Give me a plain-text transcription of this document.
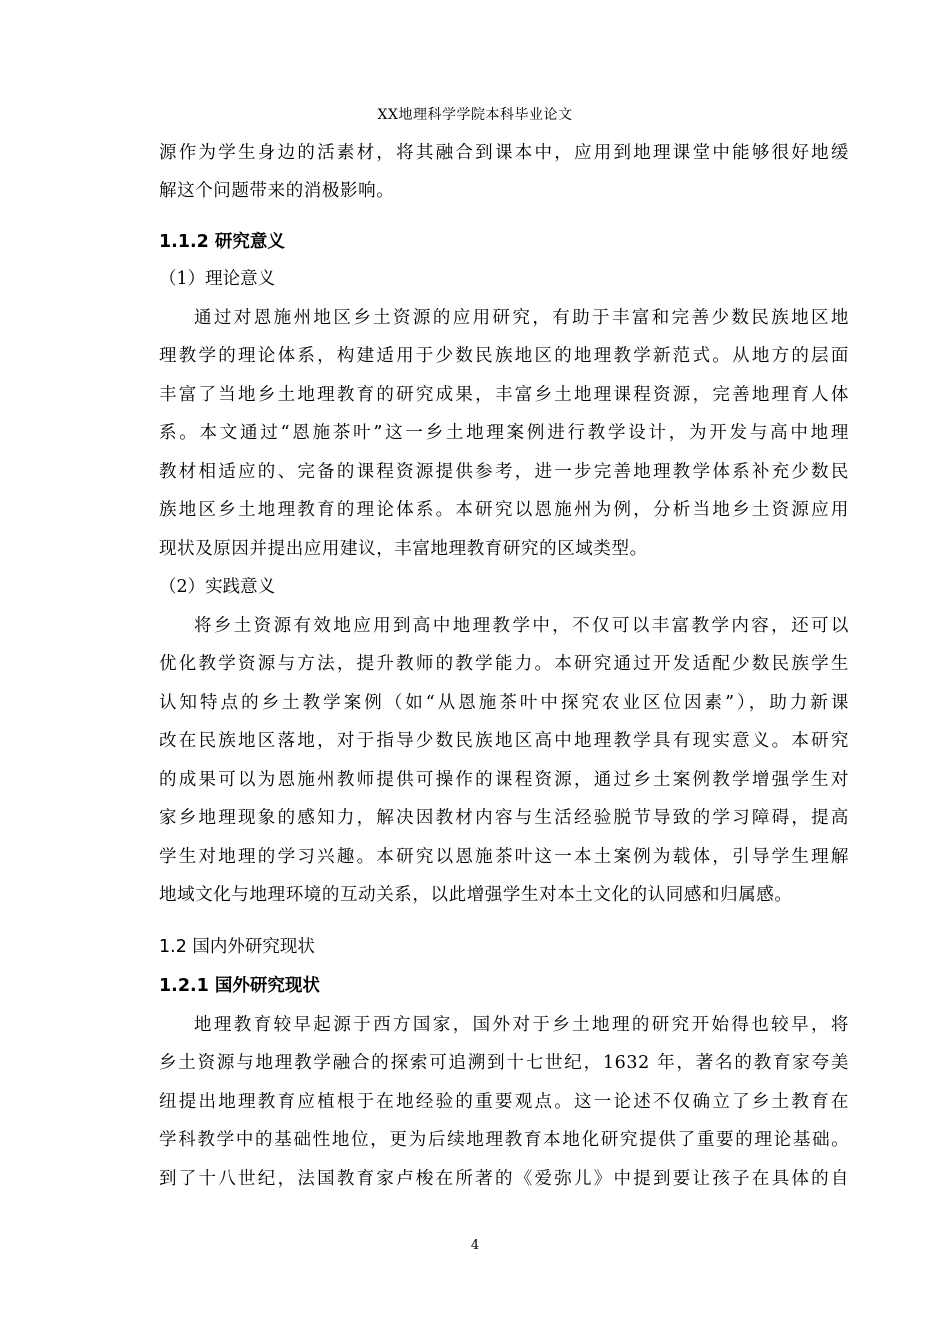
XX地理科学学院本科毕业论文
源作为学生身边的活素材，将其融合到课本中，应用到地理课堂中能够很好地缓
解这个问题带来的消极影响。
1.1.2 研究意义
（1）理论意义
通过对恩施州地区乡土资源的应用研究，有助于丰富和完善少数民族地区地
理教学的理论体系，构建适用于少数民族地区的地理教学新范式。从地方的层面
丰富了当地乡土地理教育的研究成果，丰富乡土地理课程资源，完善地理育人体
系。本文通过“恩施茶叶”这一乡土地理案例进行教学设计，为开发与高中地理
教材相适应的、完备的课程资源提供参考，进一步完善地理教学体系补充少数民
族地区乡土地理教育的理论体系。本研究以恩施州为例，分析当地乡土资源应用
现状及原因并提出应用建议，丰富地理教育研究的区域类型。
（2）实践意义
将乡土资源有效地应用到高中地理教学中，不仅可以丰富教学内容，还可以
优化教学资源与方法，提升教师的教学能力。本研究通过开发适配少数民族学生
认知特点的乡土教学案例（如“从恩施茶叶中探究农业区位因素”），助力新课
改在民族地区落地，对于指导少数民族地区高中地理教学具有现实意义。本研究
的成果可以为恩施州教师提供可操作的课程资源，通过乡土案例教学增强学生对
家乡地理现象的感知力，解决因教材内容与生活经验脱节导致的学习障碍，提高
学生对地理的学习兴趣。本研究以恩施茶叶这一本土案例为载体，引导学生理解
地域文化与地理环境的互动关系，以此增强学生对本土文化的认同感和归属感。
1.2 国内外研究现状
1.2.1 国外研究现状
地理教育较早起源于西方国家，国外对于乡土地理的研究开始得也较早，将
乡土资源与地理教学融合的探索可追溯到十七世纪，1632 年，著名的教育家夸美
纽提出地理教育应植根于在地经验的重要观点。这一论述不仅确立了乡土教育在
学科教学中的基础性地位，更为后续地理教育本地化研究提供了重要的理论基础。
到了十八世纪，法国教育家卢梭在所著的《爱弥儿》中提到要让孩子在具体的自
4
